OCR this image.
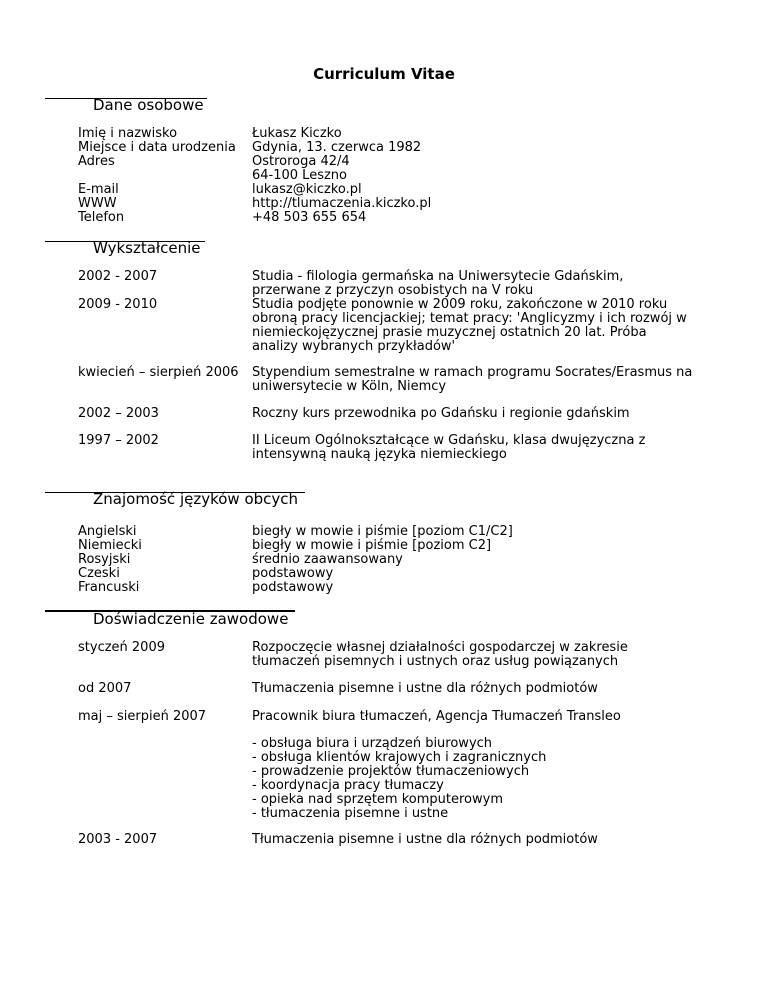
Curriculum Vitae
Dane osobowe
Imię i nazwisko	Łukasz Kiczko
Miejsce i data urodzenia Gdynia, 13. czerwca 1982
Adres	Ostroroga 42/4
64-100 Leszno
E-mail	lukasz@kiczko.pl
WWW	http://tlumaczenia.kiczko.pl
Telefon	+48 503 655 654
Wykształcenie
2002 - 2007	Studia - filologia germańska na Uniwersytecie Gdańskim,
przerwane z przyczyn osobistych na V roku
2009 - 2010	Studia podjęte ponownie w 2009 roku, zakończone w 2010 roku
obroną pracy licencjackiej; temat pracy: 'Anglicyzmy i ich rozwój w
niemieckojęzycznej prasie muzycznej ostatnich 20 lat. Próba
analizy wybranych przykładów'
kwiecień – sierpień 2006 Stypendium semestralne w ramach programu Socrates/Erasmus na
uniwersytecie w Köln, Niemcy
2002 – 2003	Roczny kurs przewodnika po Gdańsku i regionie gdańskim
1997 – 2002	II Liceum Ogólnokształcące w Gdańsku, klasa dwujęzyczna z
intensywną nauką języka niemieckiego
Znajomość języków obcych
Angielski	biegły w mowie i piśmie [poziom C1/C2]
Niemiecki	biegły w mowie i piśmie [poziom C2]
Rosyjski	średnio zaawansowany
Czeski	podstawowy
Francuski	podstawowy
Doświadczenie zawodowe
styczeń 2009	Rozpoczęcie własnej działalności gospodarczej w zakresie
tłumaczeń pisemnych i ustnych oraz usług powiązanych
od 2007	Tłumaczenia pisemne i ustne dla różnych podmiotów
maj – sierpień 2007	Pracownik biura tłumaczeń, Agencja Tłumaczeń Transleo
- obsługa biura i urządzeń biurowych
- obsługa klientów krajowych i zagranicznych
- prowadzenie projektów tłumaczeniowych
- koordynacja pracy tłumaczy
- opieka nad sprzętem komputerowym
- tłumaczenia pisemne i ustne
2003 - 2007	Tłumaczenia pisemne i ustne dla różnych podmiotów
